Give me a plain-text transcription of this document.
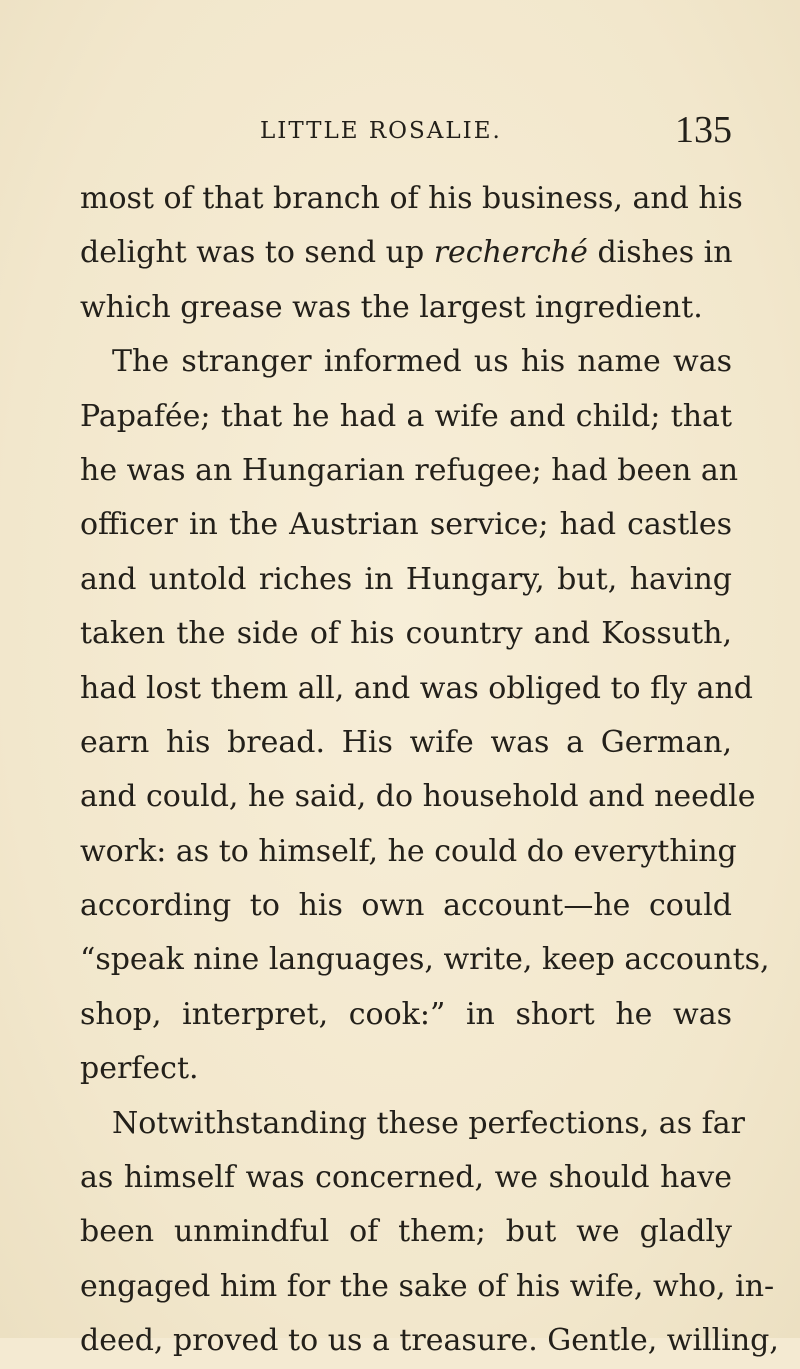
LITTLE ROSALIE.	135
most of that branch of his business, and his
delight was to send up recherché dishes in
which grease was the largest ingredient.
The stranger informed us his name was
Papafée; that he had a wife and child; that
he was an Hungarian refugee; had been an
officer in the Austrian service; had castles
and untold riches in Hungary, but, having
taken the side of his country and Kossuth,
had lost them all, and was obliged to fly and
earn his bread. His wife was a German,
and could, he said, do household and needle
work: as to himself, he could do everything
according to his own account—he could
“speak nine languages, write, keep accounts,
shop, interpret, cook:” in short he was
perfect.
Notwithstanding these perfections, as far
as himself was concerned, we should have
been unmindful of them; but we gladly
engaged him for the sake of his wife, who, in-
deed, proved to us a treasure. Gentle, willing,
